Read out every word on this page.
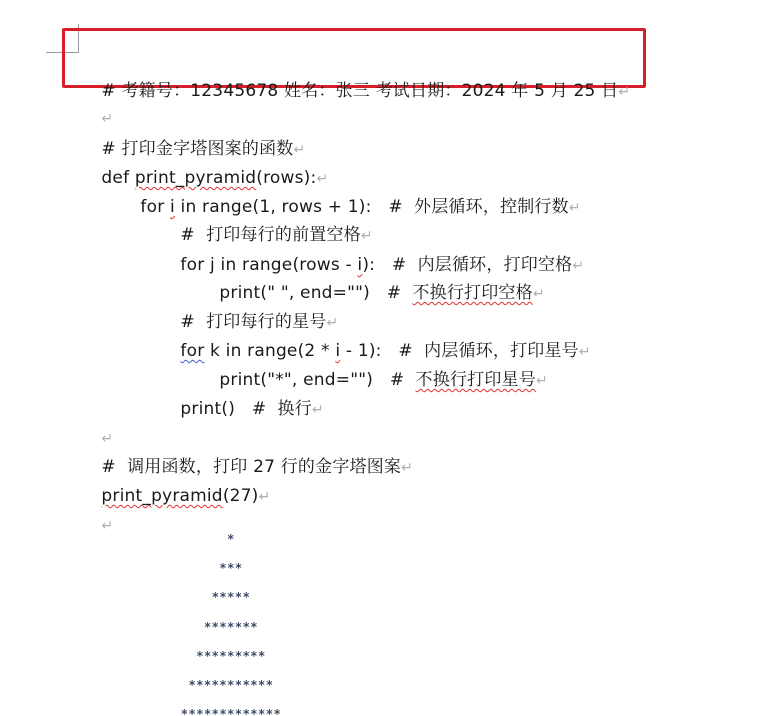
# 考籍号：12345678 姓名：张三 考试日期：2024 年 5 月 25 日↵

↵

# 打印金字塔图案的函数↵

def print_pyramid(rows):↵

for i in range(1, rows + 1):   #  外层循环，控制行数↵

#  打印每行的前置空格↵

for j in range(rows - i):   #  内层循环，打印空格↵

print(" ", end="")   #  不换行打印空格↵

#  打印每行的星号↵

for k in range(2 * i - 1):   #  内层循环，打印星号↵

print("*", end="")   #  不换行打印星号↵

print()   #  换行↵

↵

#  调用函数，打印 27 行的金字塔图案↵

print_pyramid(27)↵

↵

*
***
*****
*******
*********
***********
*************
